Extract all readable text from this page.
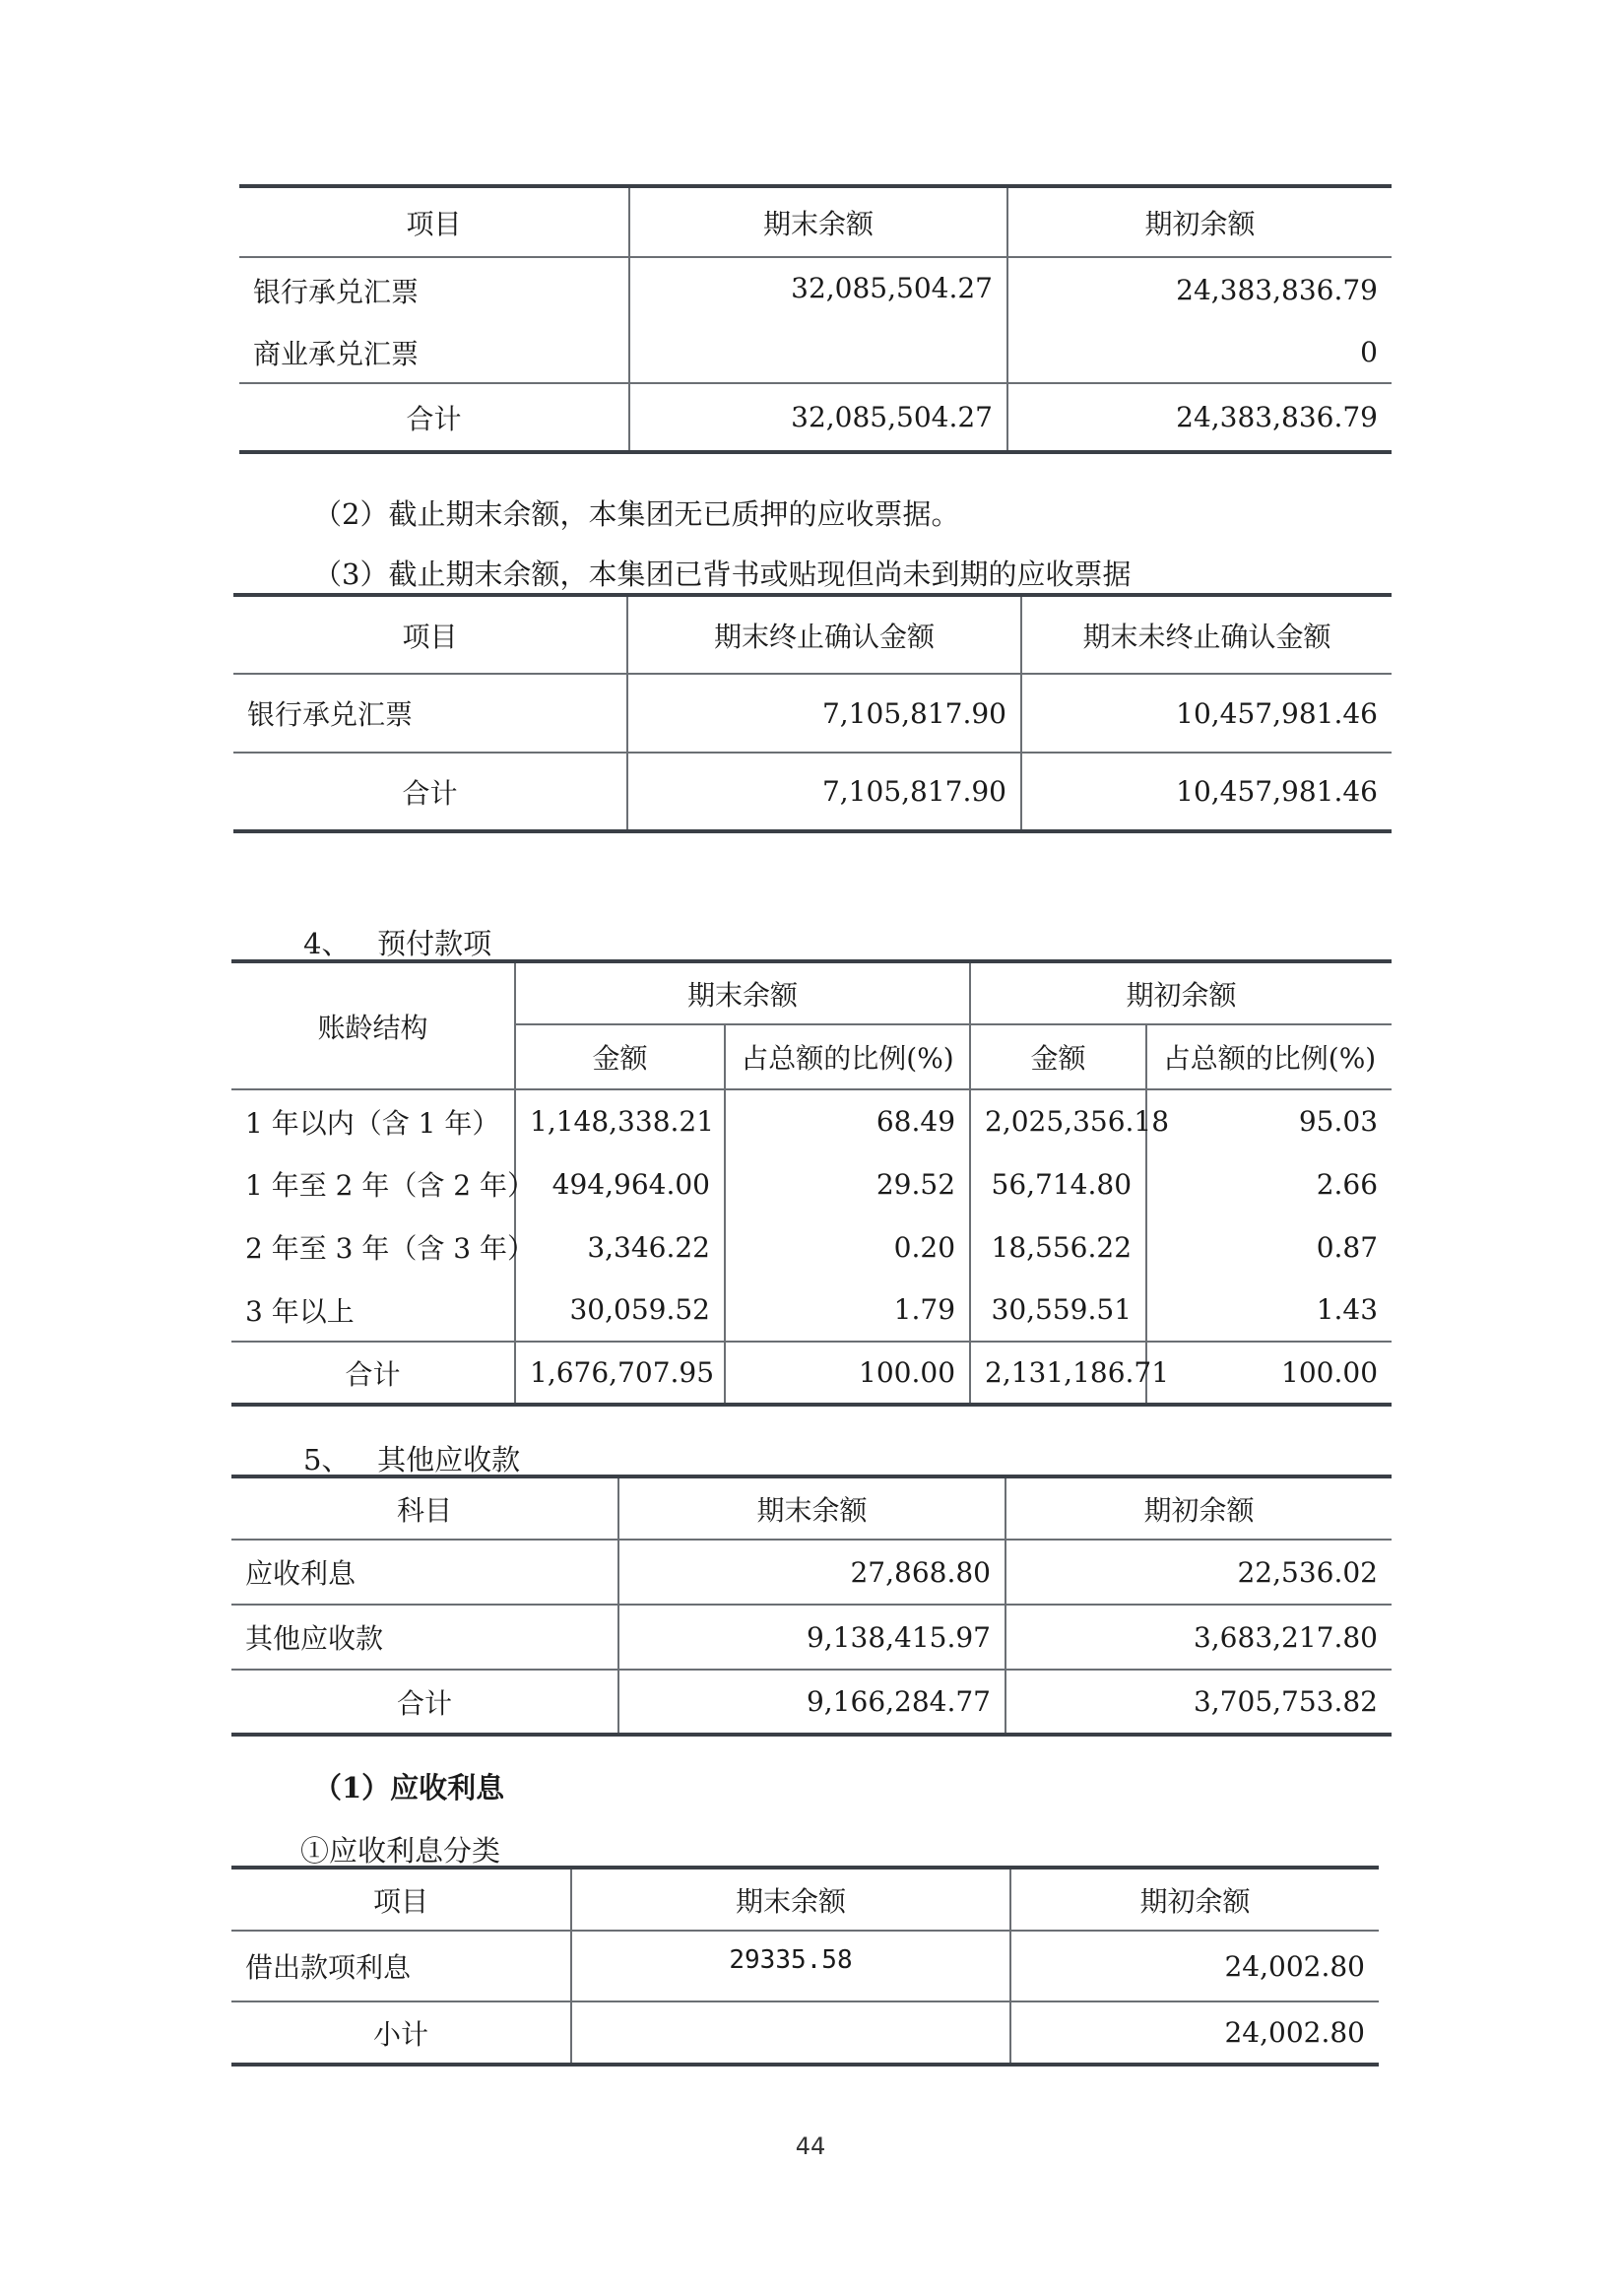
项目	期末余额	期初余额
银行承兑汇票	32,085,504.27	24,383,836.79
商业承兑汇票		0
合计	32,085,504.27	24,383,836.79
（2）截止期末余额，本集团无已质押的应收票据。
（3）截止期末余额，本集团已背书或贴现但尚未到期的应收票据
项目	期末终止确认金额	期末未终止确认金额
银行承兑汇票	7,105,817.90	10,457,981.46
合计	7,105,817.90	10,457,981.46
4、 预付款项
账龄结构	期末余额		期初余额	
	金额	占总额的比例(%)	金额	占总额的比例(%)
1 年以内（含 1 年）	1,148,338.21	68.49	2,025,356.18	95.03
1 年至 2 年（含 2 年）	494,964.00	29.52	56,714.80	2.66
2 年至 3 年（含 3 年）	3,346.22	0.20	18,556.22	0.87
3 年以上	30,059.52	1.79	30,559.51	1.43
合计	1,676,707.95	100.00	2,131,186.71	100.00
5、 其他应收款
科目	期末余额	期初余额
应收利息	27,868.80	22,536.02
其他应收款	9,138,415.97	3,683,217.80
合计	9,166,284.77	3,705,753.82
（1）应收利息
①应收利息分类
项目	期末余额	期初余额
借出款项利息	29335.58	24,002.80
小计		24,002.80
44
